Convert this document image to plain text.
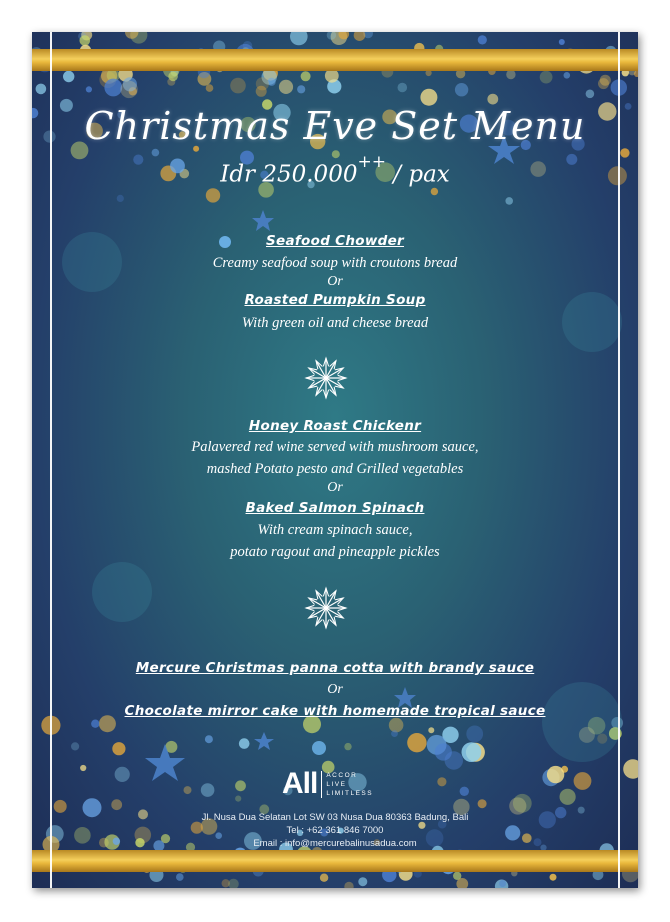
Christmas Eve Set Menu
Idr 250.000++ / pax
Seafood Chowder
Creamy seafood soup with croutons bread
Or
Roasted Pumpkin Soup
With green oil and cheese bread
Honey Roast Chickenr
Palavered red wine served with mushroom sauce,
mashed Potato pesto and Grilled vegetables
Or
Baked Salmon Spinach
With cream spinach sauce,
potato ragout and pineapple pickles
Mercure Christmas panna cotta with brandy sauce
Or
Chocolate mirror cake with homemade tropical sauce
All ACCOR
LIVE
LIMITLESS
Jl. Nusa Dua Selatan Lot SW 03 Nusa Dua 80363 Badung, Bali
Tel : +62 361 846 7000
Email : info@mercurebalinusadua.com
